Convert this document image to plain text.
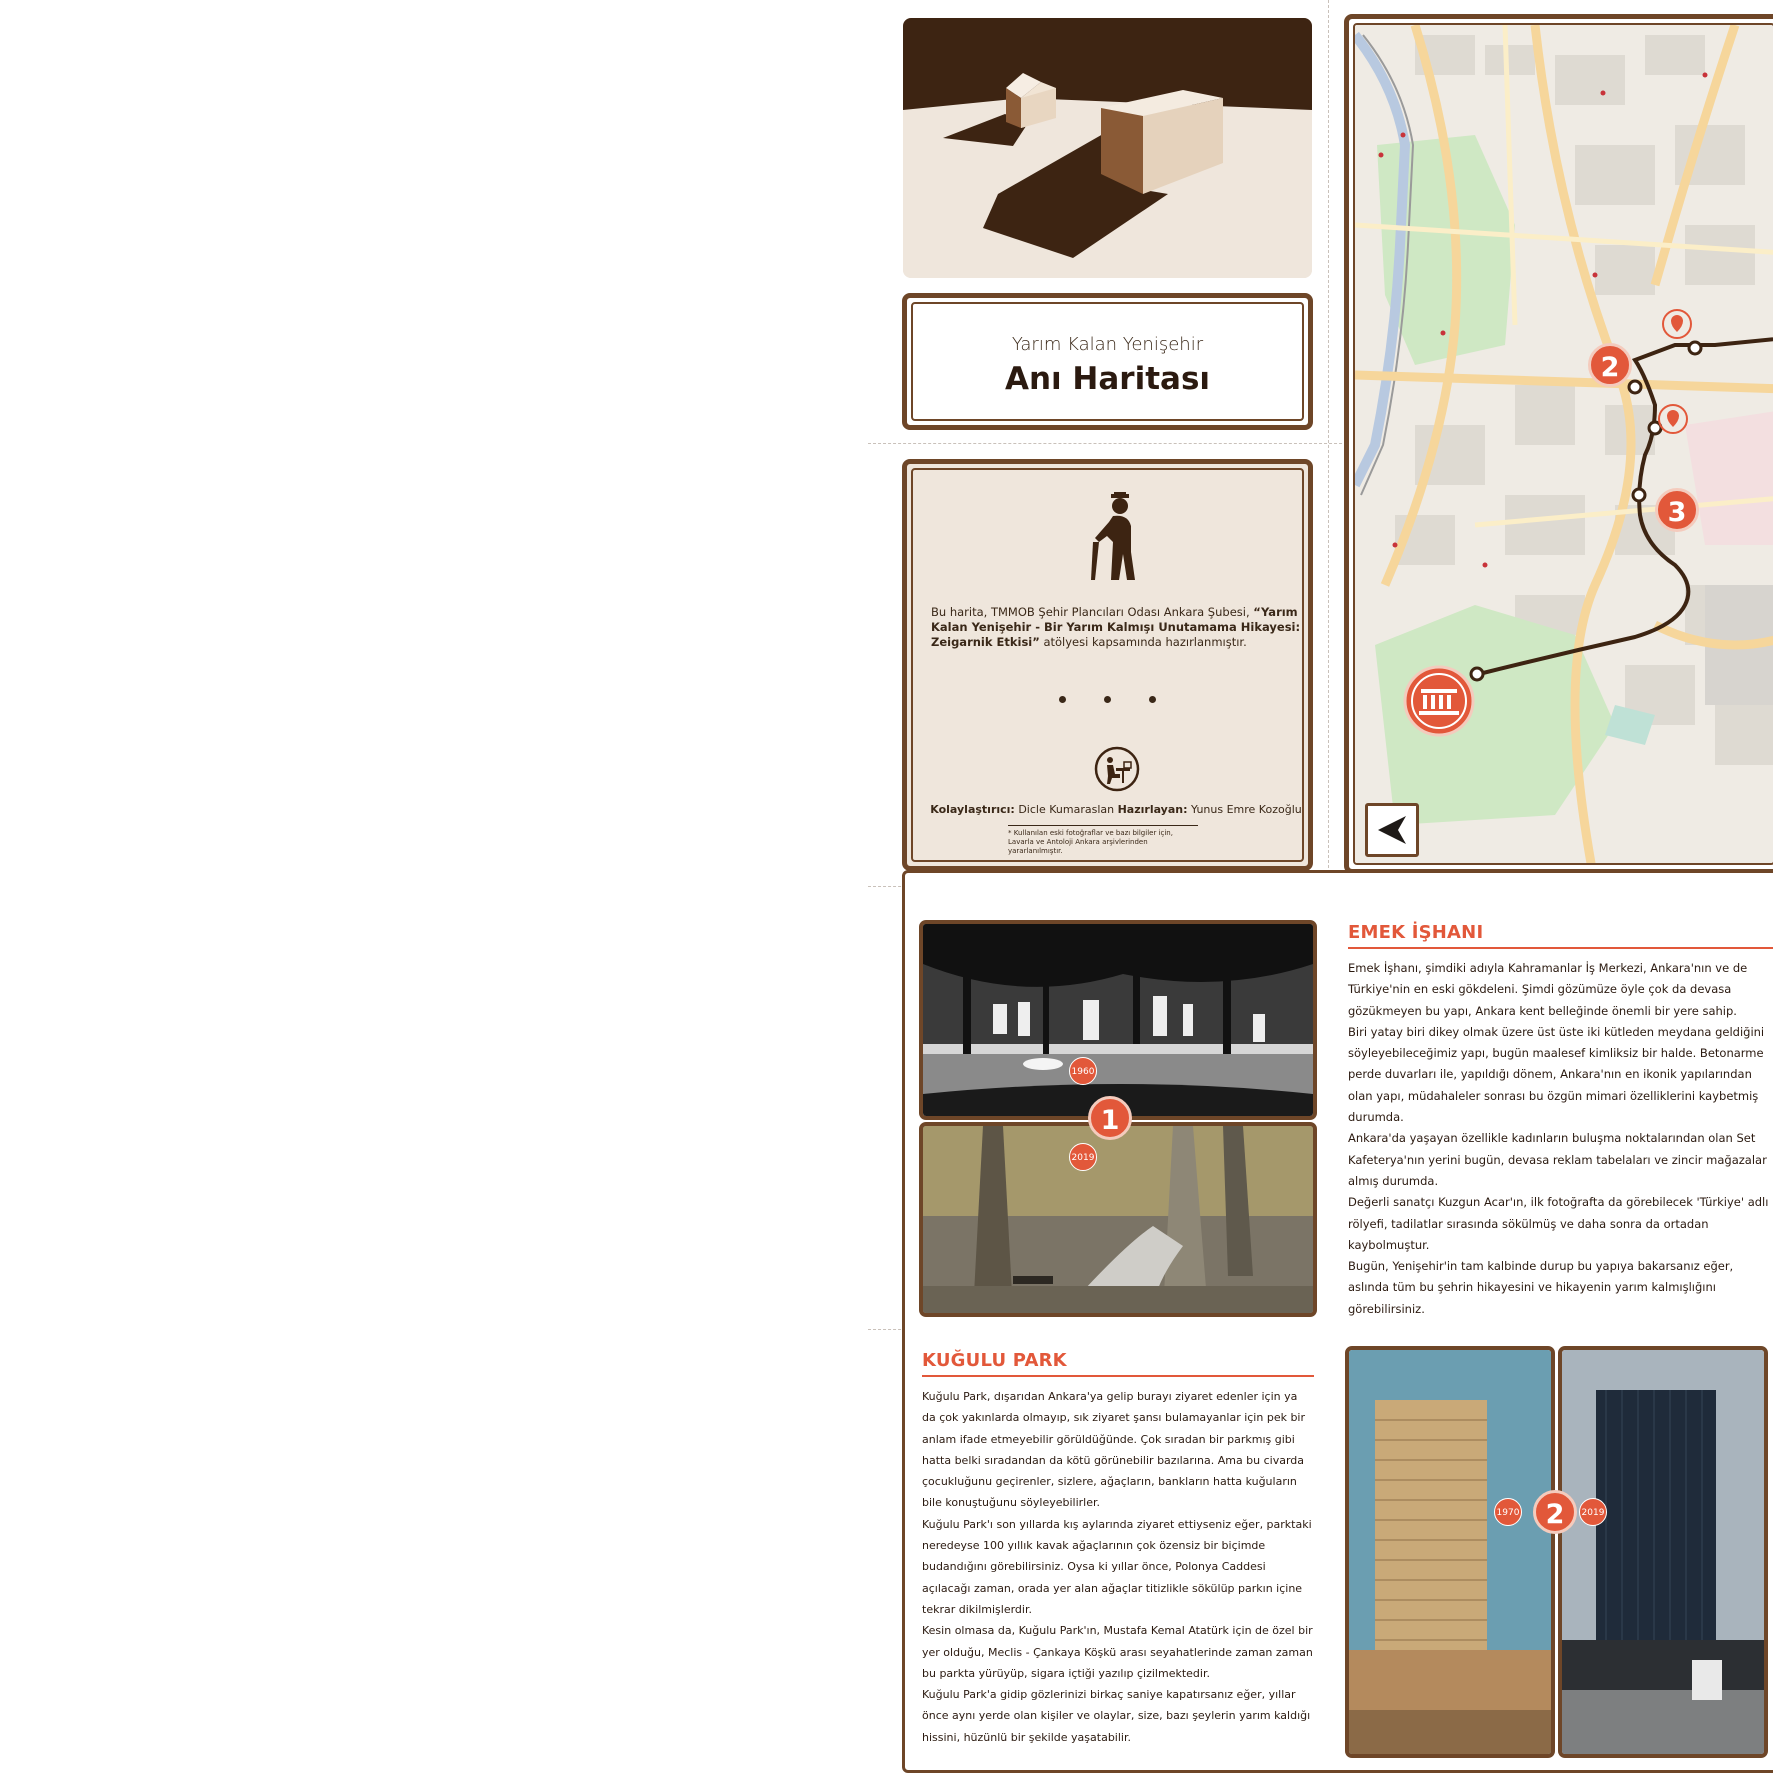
Yarım Kalan Yenişehir
Anı Haritası
Bu harita, TMMOB Şehir Plancıları Odası Ankara Şubesi, “Yarım Kalan Yenişehir - Bir Yarım Kalmışı Unutamama Hikayesi: Zeigarnik Etkisi” atölyesi kapsamında hazırlanmıştır.
Kolaylaştırıcı: Dicle Kumaraslan Hazırlayan: Yunus Emre Kozoğlu
* Kullanılan eski fotoğraflar ve bazı bilgiler için, Lavarla ve Antoloji Ankara arşivlerinden yararlanılmıştır.
2
3
1960
2019
1
EMEK İŞHANI

Emek İşhanı, şimdiki adıyla Kahramanlar İş Merkezi, Ankara'nın ve de Türkiye'nin en eski gökdeleni. Şimdi gözümüze öyle çok da devasa gözükmeyen bu yapı, Ankara kent belleğinde önemli bir yere sahip.

Biri yatay biri dikey olmak üzere üst üste iki kütleden meydana geldiğini söyleyebileceğimiz yapı, bugün maalesef kimliksiz bir halde. Betonarme perde duvarları ile, yapıldığı dönem, Ankara'nın en ikonik yapılarından olan yapı, müdahaleler sonrası bu özgün mimari özelliklerini kaybetmiş durumda.

Ankara'da yaşayan özellikle kadınların buluşma noktalarından olan Set Kafeterya'nın yerini bugün, devasa reklam tabelaları ve zincir mağazalar almış durumda.

Değerli sanatçı Kuzgun Acar'ın, ilk fotoğrafta da görebilecek 'Türkiye' adlı rölyefi, tadilatlar sırasında sökülmüş ve daha sonra da ortadan kaybolmuştur.

Bugün, Yenişehir'in tam kalbinde durup bu yapıya bakarsanız eğer, aslında tüm bu şehrin hikayesini ve hikayenin yarım kalmışlığını görebilirsiniz.

KUĞULU PARK

Kuğulu Park, dışarıdan Ankara'ya gelip burayı ziyaret edenler için ya da çok yakınlarda olmayıp, sık ziyaret şansı bulamayanlar için pek bir anlam ifade etmeyebilir görüldüğünde. Çok sıradan bir parkmış gibi hatta belki sıradandan da kötü görünebilir bazılarına. Ama bu civarda çocukluğunu geçirenler, sizlere, ağaçların, bankların hatta kuğuların bile konuştuğunu söyleyebilirler.

Kuğulu Park'ı son yıllarda kış aylarında ziyaret ettiyseniz eğer, parktaki neredeyse 100 yıllık kavak ağaçlarının çok özensiz bir biçimde budandığını görebilirsiniz. Oysa ki yıllar önce, Polonya Caddesi açılacağı zaman, orada yer alan ağaçlar titizlikle sökülüp parkın içine tekrar dikilmişlerdir.

Kesin olmasa da, Kuğulu Park'ın, Mustafa Kemal Atatürk için de özel bir yer olduğu, Meclis - Çankaya Köşkü arası seyahatlerinde zaman zaman bu parkta yürüyüp, sigara içtiği yazılıp çizilmektedir.

Kuğulu Park'a gidip gözlerinizi birkaç saniye kapatırsanız eğer, yıllar önce aynı yerde olan kişiler ve olaylar, size, bazı şeylerin yarım kaldığı hissini, hüzünlü bir şekilde yaşatabilir.

1970	2019
2
